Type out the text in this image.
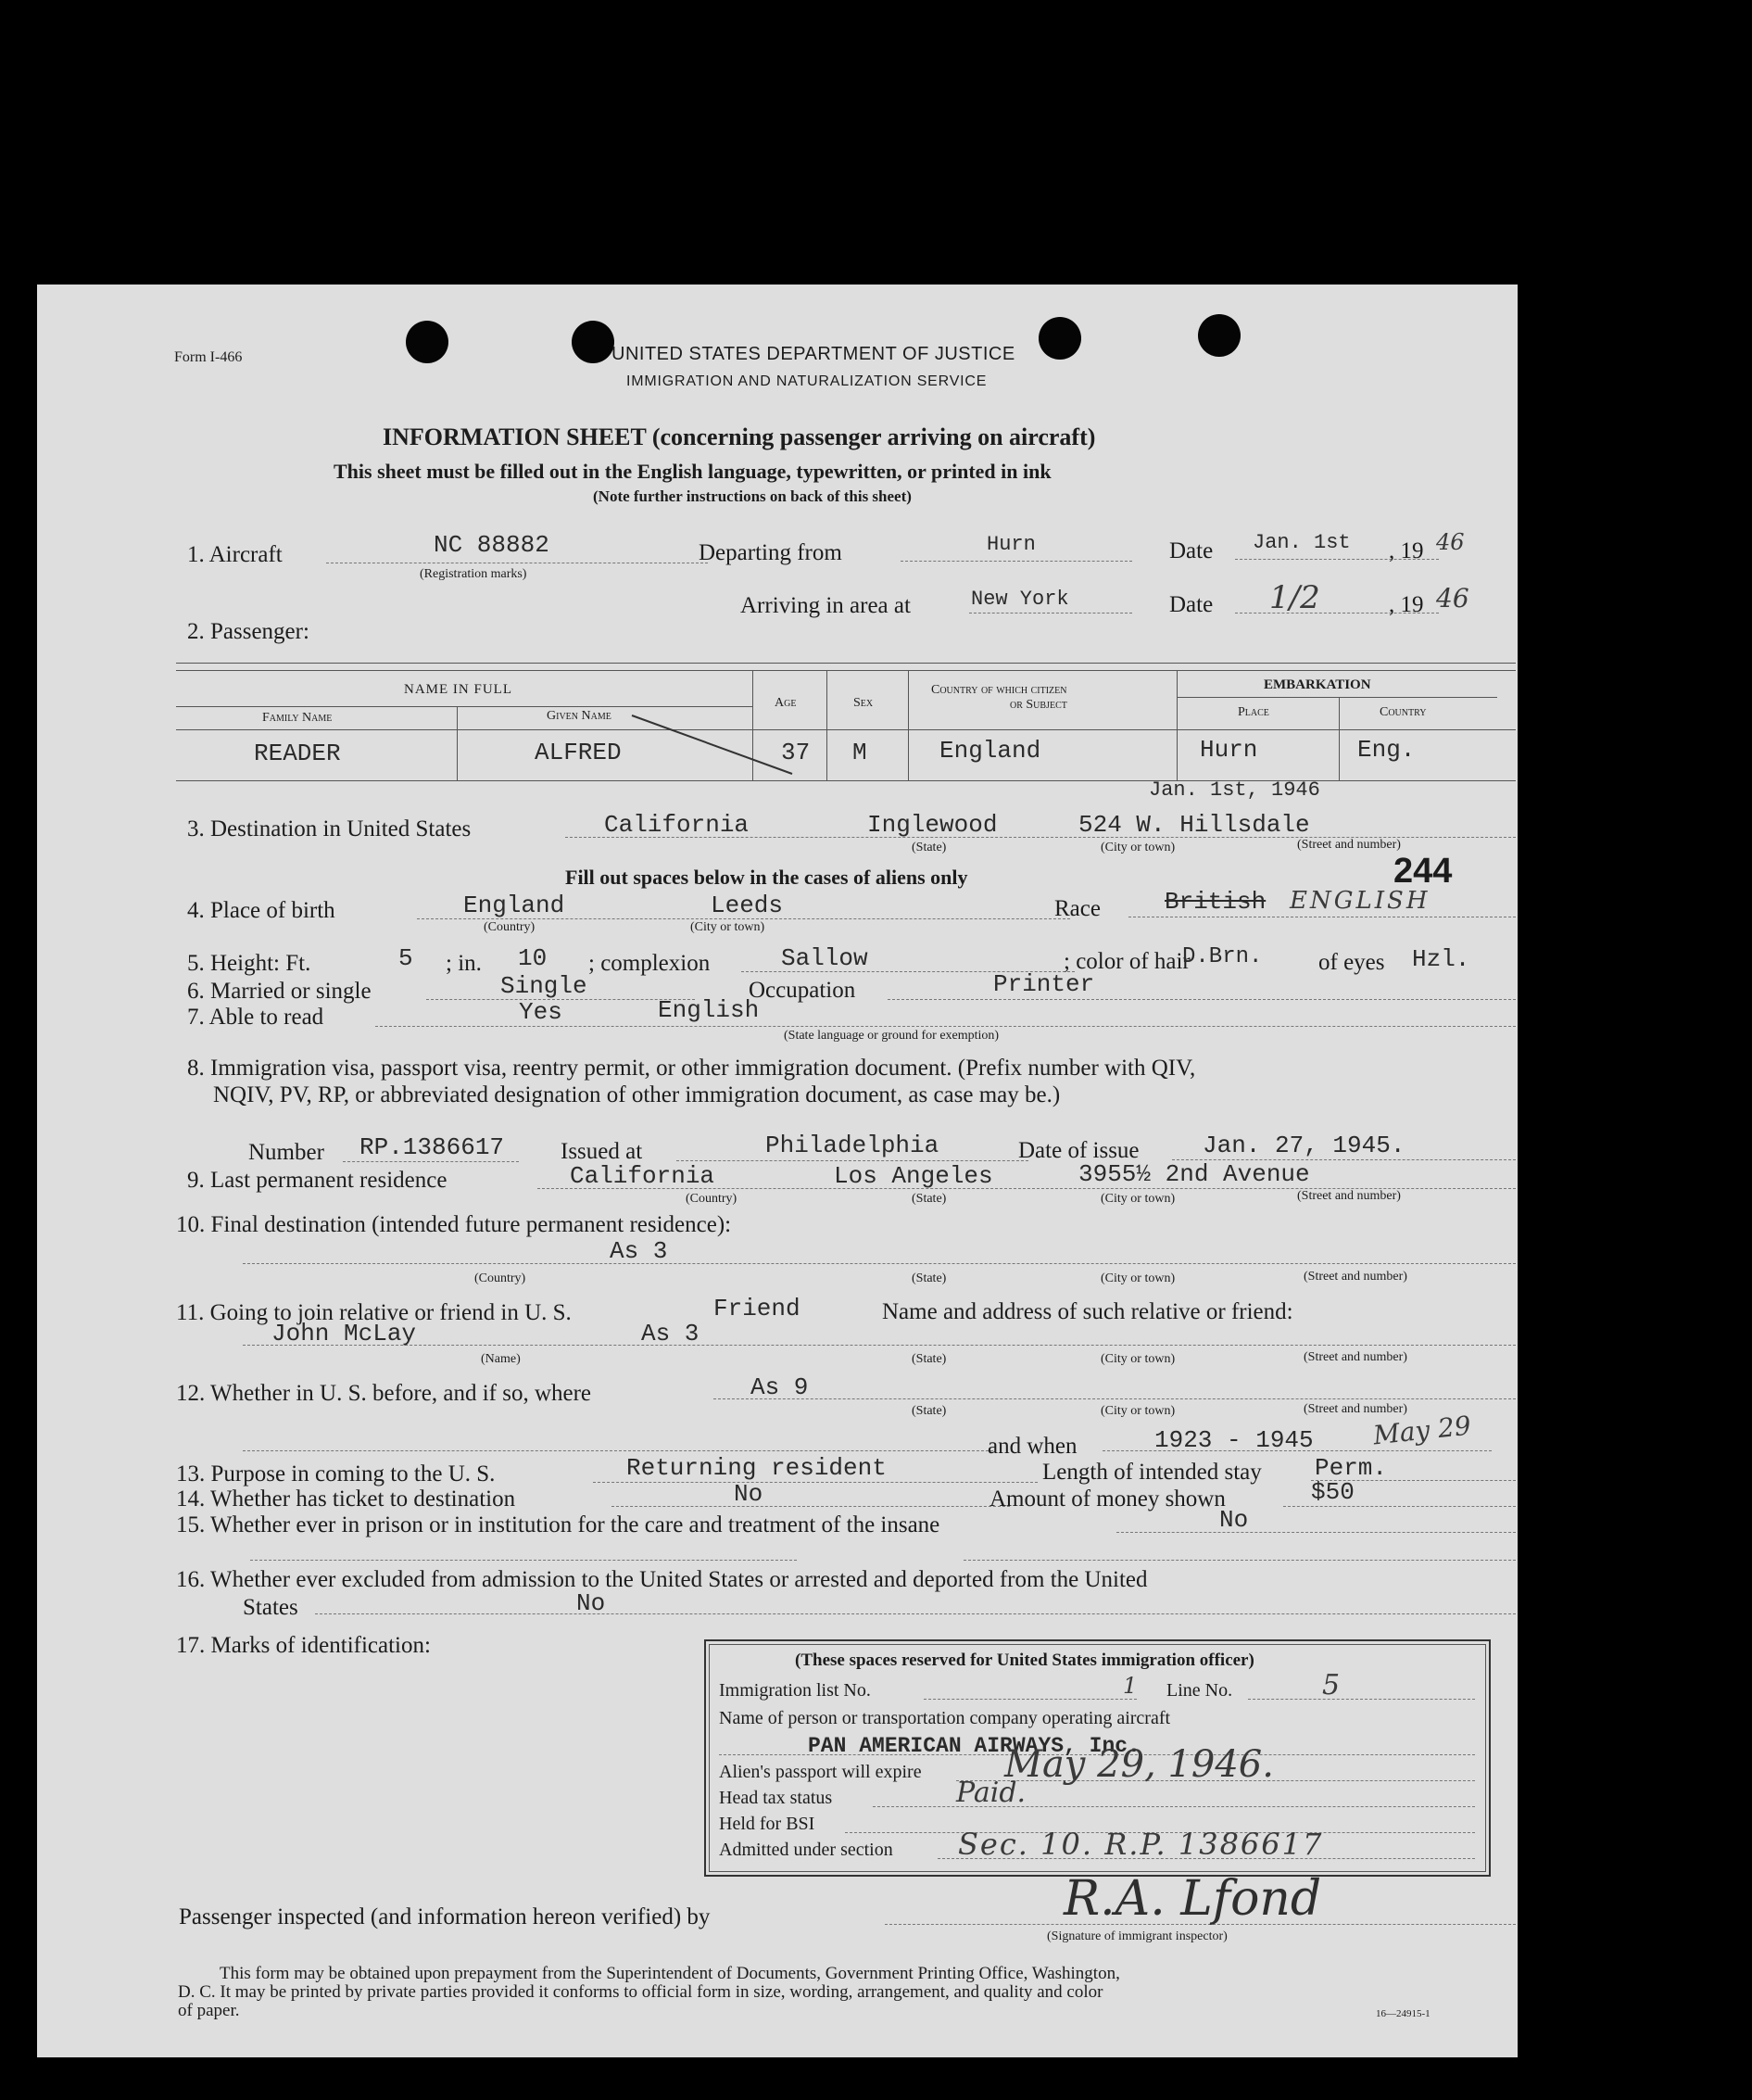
Form I-466	UNITED STATES DEPARTMENT OF JUSTICE
IMMIGRATION AND NATURALIZATION SERVICE
INFORMATION SHEET (concerning passenger arriving on aircraft)
This sheet must be filled out in the English language, typewritten, or printed in ink
(Note further instructions on back of this sheet)
1. Aircraft	NC 88882
(Registration marks)
Departing from	Hurn	Date Jan. 1st , 19 46
Arriving in area at	New York	Date 1/2	, 19 46
2. Passenger:
NAME IN FULL
Family Name	Given Name
Age	Sex
Country of which citizen
or Subject
EMBARKATION
Place	Country
READER	ALFRED	37 M	England	Hurn	Eng.
Jan. 1st, 1946
3. Destination in United States	California	Inglewood	524 W. Hillsdale
(State)	(City or town)	(Street and number)
Fill out spaces below in the cases of aliens only	244
4. Place of birth	England	Leeds
(Country)	(City or town)
Race	British ENGLISH
5. Height: Ft.	5 ; in. 10 ; complexion	Sallow	; color of hair
D.Brn. of eyes Hzl.
6. Married or single	Single	Occupation	Printer
7. Able to read	Yes	English
(State language or ground for exemption)
8. Immigration visa, passport visa, reentry permit, or other immigration document. (Prefix number with QIV,
NQIV, PV, RP, or abbreviated designation of other immigration document, as case may be.)
Number RP.1386617 Issued at	Philadelphia	Date of issue	Jan. 27, 1945.
9. Last permanent residence	California	Los Angeles	3955½ 2nd Avenue
(Country)	(State)	(City or town)	(Street and number)
10. Final destination (intended future permanent residence):
As 3
(Country)	(State)	(City or town)	(Street and number)
11. Going to join relative or friend in U. S.	Friend	Name and address of such relative or friend:
John McLay	As 3
(Name)	(State)	(City or town)	(Street and number)
12. Whether in U. S. before, and if so, where	As 9
(State)	(City or town)	(Street and number)
and when	1923 - 1945 May 29
13. Purpose in coming to the U. S.	Returning resident	Length of intended stay Perm.
14. Whether has ticket to destination	No	Amount of money shown	$50
15. Whether ever in prison or in institution for the care and treatment of the insane	No
16. Whether ever excluded from admission to the United States or arrested and deported from the United
States	No
17. Marks of identification:
(These spaces reserved for United States immigration officer)
Immigration list No.	1 Line No.	5
Name of person or transportation company operating aircraft
PAN AMERICAN AIRWAYS, Inc.
Alien's passport will expire May 29, 1946.
Head tax status	Paid.
Held for BSI
Admitted under section Sec. 10. R.P. 1386617
Passenger inspected (and information hereon verified) by	R.A. Lfond
(Signature of immigrant inspector)
This form may be obtained upon prepayment from the Superintendent of Documents, Government Printing Office, Washington,
D. C. It may be printed by private parties provided it conforms to official form in size, wording, arrangement, and quality and color
of paper.	16—24915-1
